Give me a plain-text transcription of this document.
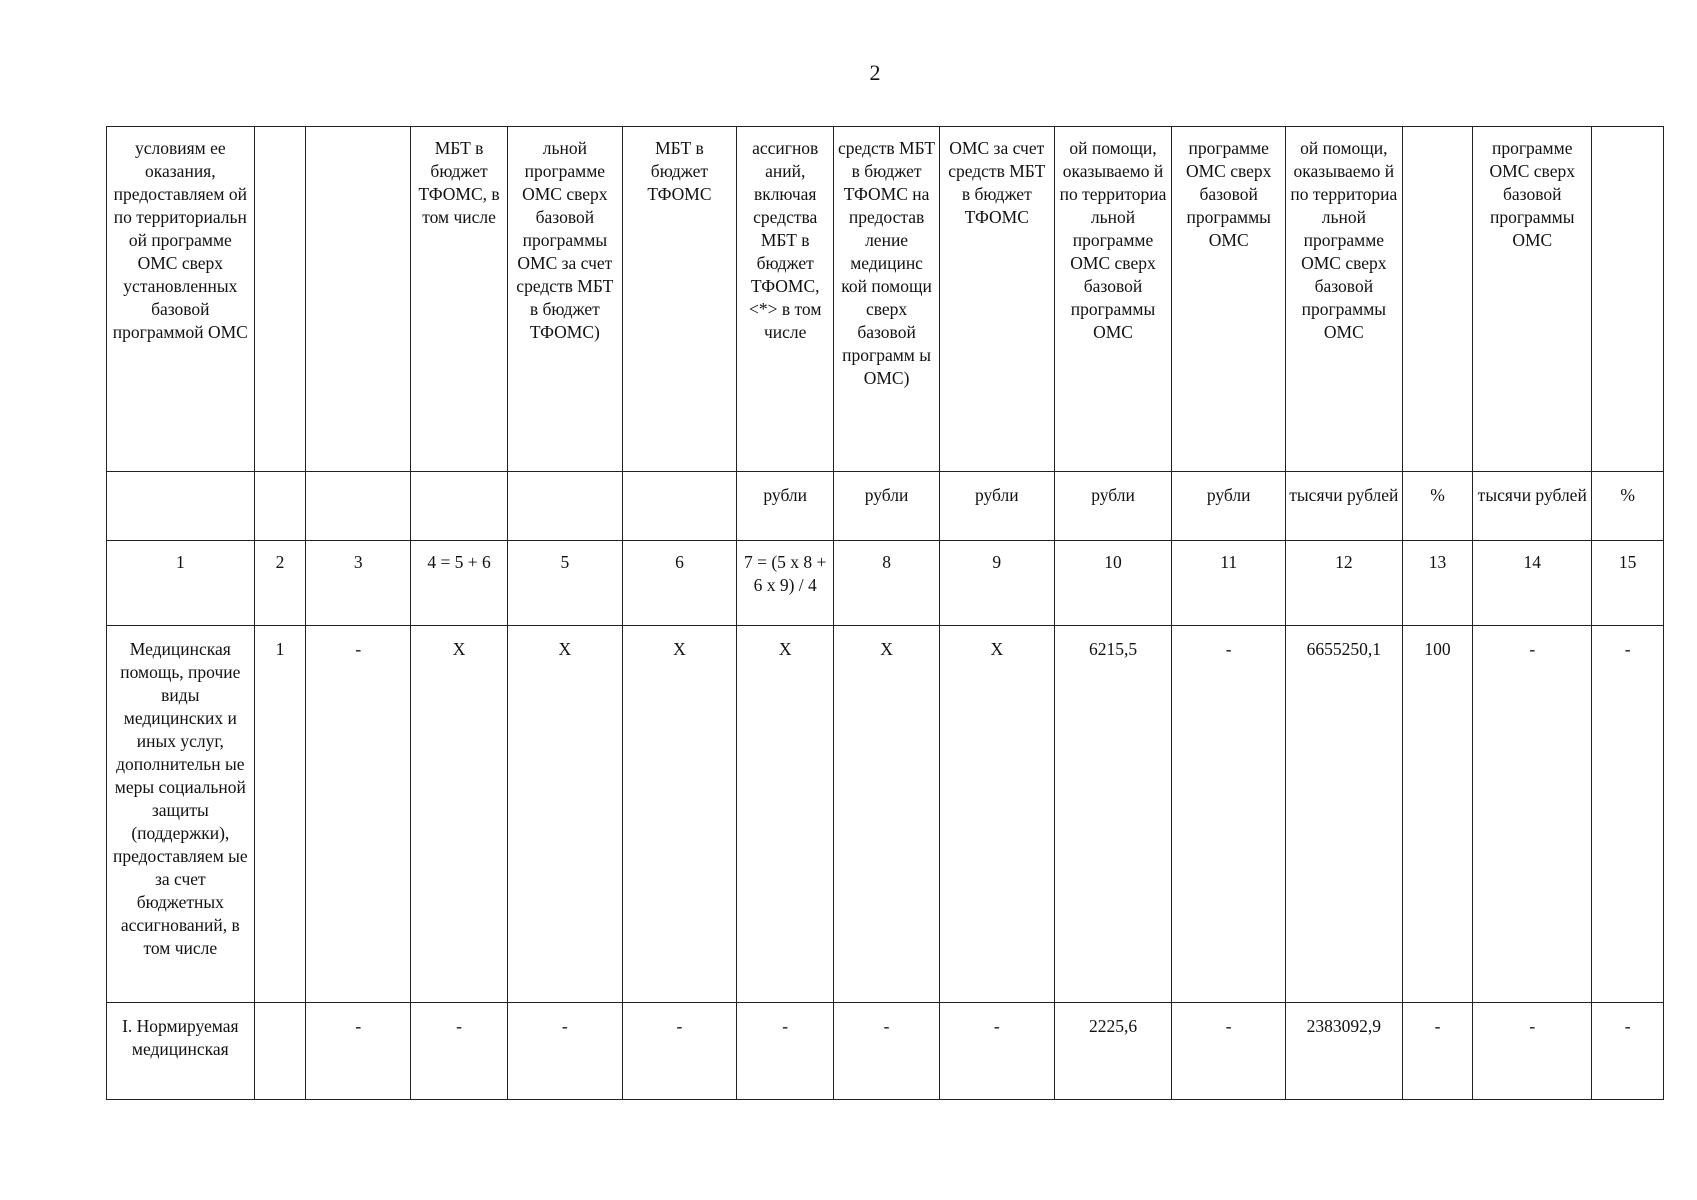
2
условиям ее оказания, предоставляем ой по территориальн ой программе ОМС сверх установленных базовой программой ОМС			МБТ в бюджет ТФОМС, в том числе	льной программе ОМС сверх базовой программы ОМС за счет средств МБТ в бюджет ТФОМС)	МБТ в бюджет ТФОМС	ассигнов аний, включая средства МБТ в бюджет ТФОМС, <*> в том числе	средств МБТ в бюджет ТФОМС на предостав ление медицинс кой помощи сверх базовой программ ы ОМС)	ОМС за счет средств МБТ в бюджет ТФОМС	ой помощи, оказываемо й по территориа льной программе ОМС сверх базовой программы ОМС	программе ОМС сверх базовой программы ОМС	ой помощи, оказываемо й по территориа льной программе ОМС сверх базовой программы ОМС		программе ОМС сверх базовой программы ОМС	
						рубли	рубли	рубли	рубли	рубли	тысячи рублей	%	тысячи рублей	%
1	2	3	4 = 5 + 6	5	6	7 = (5 x 8 + 6 x 9) / 4	8	9	10	11	12	13	14	15
Медицинская помощь, прочие виды медицинских и иных услуг, дополнительн ые меры социальной защиты (поддержки), предоставляем ые за счет бюджетных ассигнований, в том числе	1	-	X	X	X	X	X	X	6215,5	-	6655250,1	100	-	-
I. Нормируемая медицинская		-	-	-	-	-	-	-	2225,6	-	2383092,9	-	-	-
